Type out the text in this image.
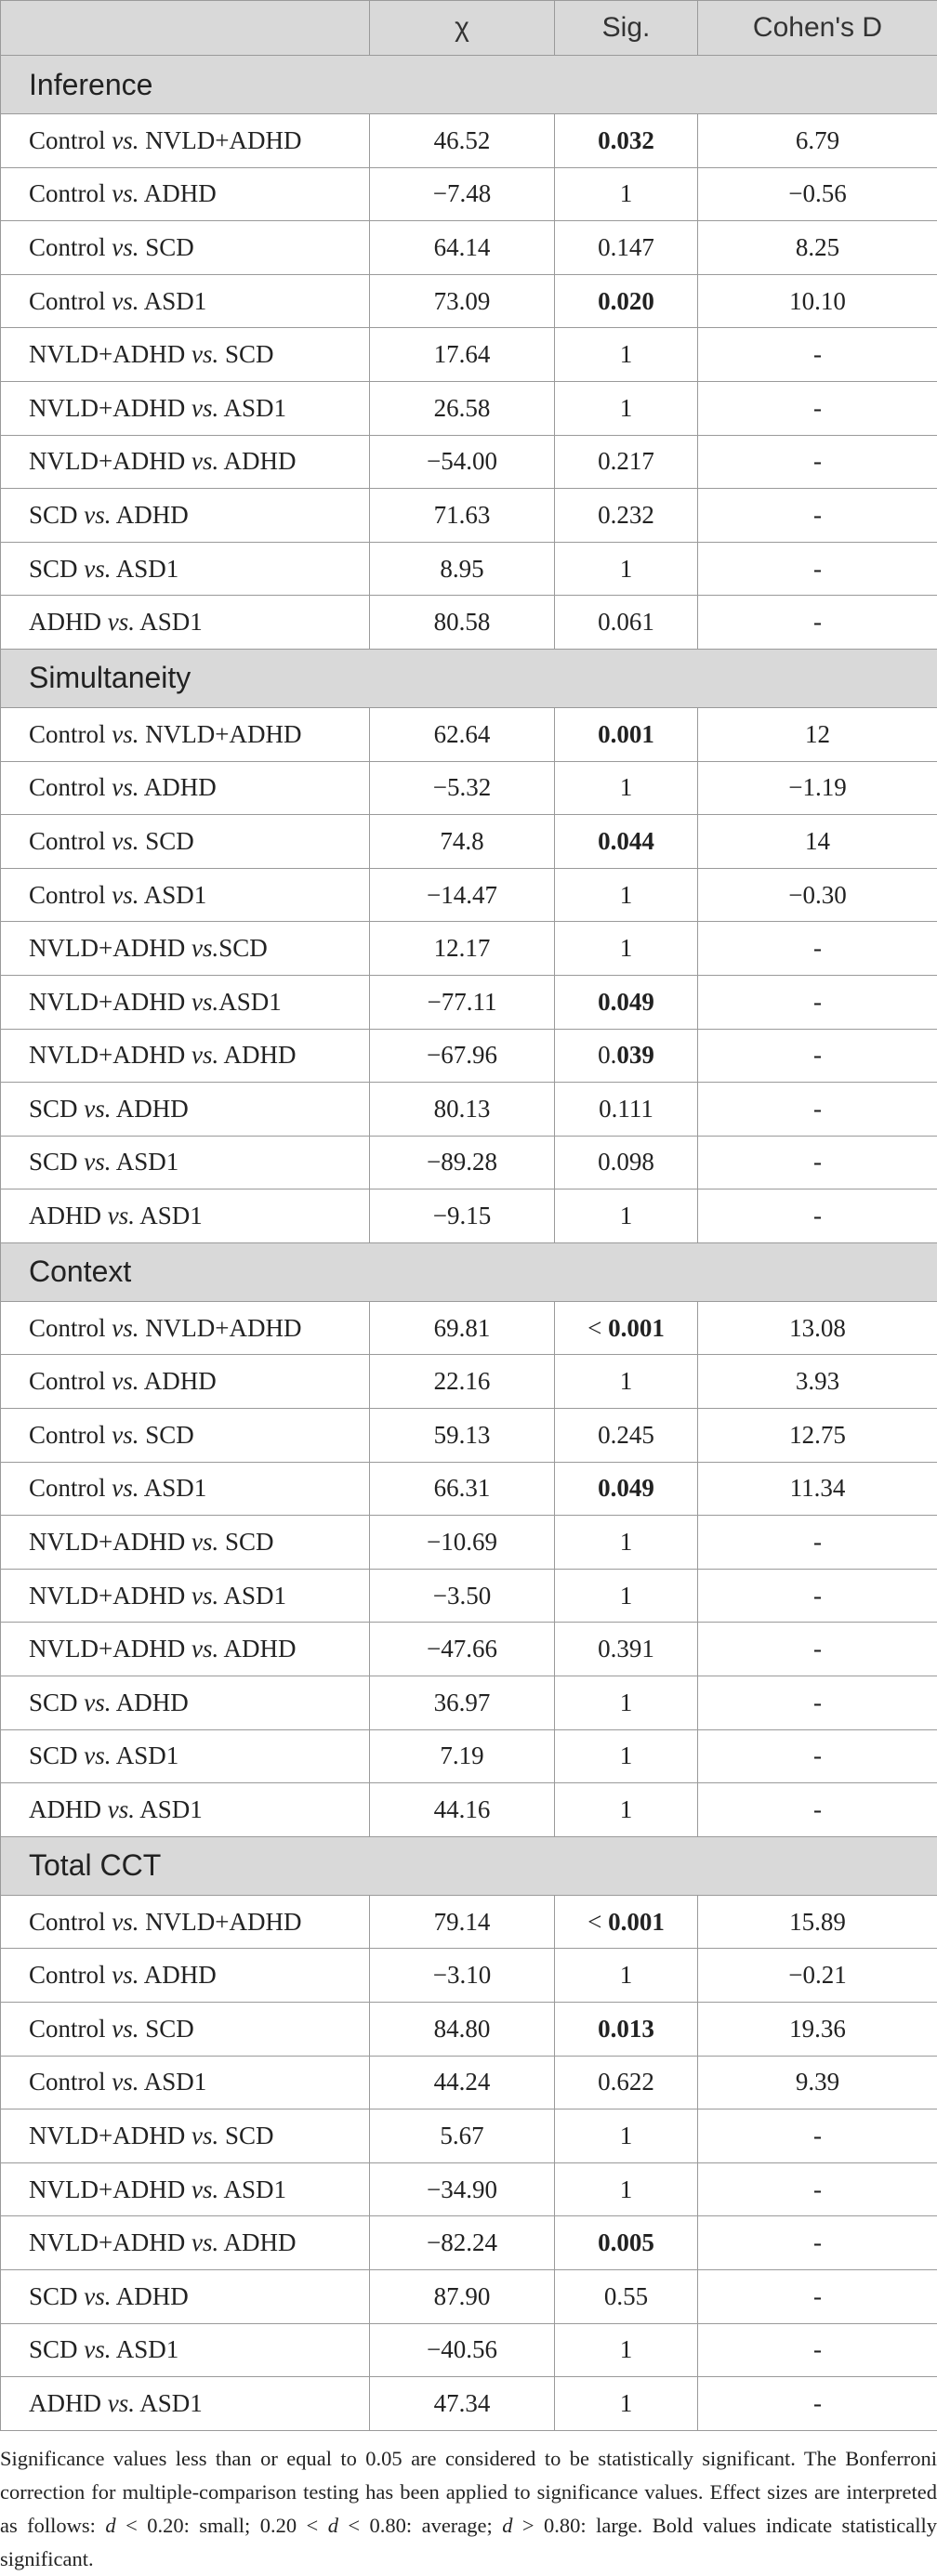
	χ	Sig.	Cohen's D
Inference			
Control vs. NVLD+ADHD	46.52	0.032	6.79
Control vs. ADHD	−7.48	1	−0.56
Control vs. SCD	64.14	0.147	8.25
Control vs. ASD1	73.09	0.020	10.10
NVLD+ADHD vs. SCD	17.64	1	-
NVLD+ADHD vs. ASD1	26.58	1	-
NVLD+ADHD vs. ADHD	−54.00	0.217	-
SCD vs. ADHD	71.63	0.232	-
SCD vs. ASD1	8.95	1	-
ADHD vs. ASD1	80.58	0.061	-
Simultaneity			
Control vs. NVLD+ADHD	62.64	0.001	12
Control vs. ADHD	−5.32	1	−1.19
Control vs. SCD	74.8	0.044	14
Control vs. ASD1	−14.47	1	−0.30
NVLD+ADHD vs.SCD	12.17	1	-
NVLD+ADHD vs.ASD1	−77.11	0.049	-
NVLD+ADHD vs. ADHD	−67.96	0.039	-
SCD vs. ADHD	80.13	0.111	-
SCD vs. ASD1	−89.28	0.098	-
ADHD vs. ASD1	−9.15	1	-
Context			
Control vs. NVLD+ADHD	69.81	< 0.001	13.08
Control vs. ADHD	22.16	1	3.93
Control vs. SCD	59.13	0.245	12.75
Control vs. ASD1	66.31	0.049	11.34
NVLD+ADHD vs. SCD	−10.69	1	-
NVLD+ADHD vs. ASD1	−3.50	1	-
NVLD+ADHD vs. ADHD	−47.66	0.391	-
SCD vs. ADHD	36.97	1	-
SCD vs. ASD1	7.19	1	-
ADHD vs. ASD1	44.16	1	-
Total CCT			
Control vs. NVLD+ADHD	79.14	< 0.001	15.89
Control vs. ADHD	−3.10	1	−0.21
Control vs. SCD	84.80	0.013	19.36
Control vs. ASD1	44.24	0.622	9.39
NVLD+ADHD vs. SCD	5.67	1	-
NVLD+ADHD vs. ASD1	−34.90	1	-
NVLD+ADHD vs. ADHD	−82.24	0.005	-
SCD vs. ADHD	87.90	0.55	-
SCD vs. ASD1	−40.56	1	-
ADHD vs. ASD1	47.34	1	-

Significance values less than or equal to 0.05 are considered to be statistically significant. The Bonferroni correction for multiple-comparison testing has been applied to significance values. Effect sizes are interpreted as follows: d < 0.20: small; 0.20 < d < 0.80: average; d > 0.80: large. Bold values indicate statistically significant.
